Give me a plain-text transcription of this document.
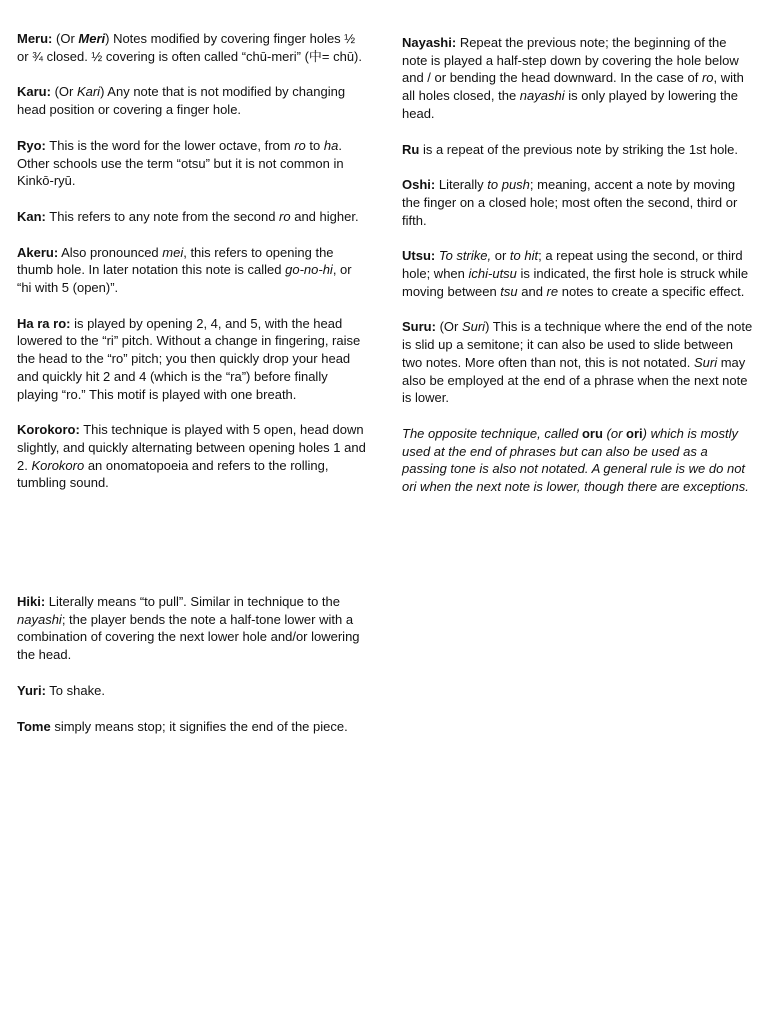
Meru: (Or Meri) Notes modified by covering finger holes ½ or ¾ closed. ½ covering is often called “chū-meri” (中= chū).

Karu: (Or Kari) Any note that is not modified by changing head position or covering a finger hole.

Ryo: This is the word for the lower octave, from ro to ha. Other schools use the term “otsu” but it is not common in Kinkō-ryū.

Kan: This refers to any note from the second ro and higher.

Akeru: Also pronounced mei, this refers to opening the thumb hole. In later notation this note is called go-no-hi, or “hi with 5 (open)”.

Ha ra ro: is played by opening 2, 4, and 5, with the head lowered to the “ri” pitch. Without a change in fingering, raise the head to the “ro” pitch; you then quickly drop your head and quickly hit 2 and 4 (which is the “ra”) before finally playing “ro.” This motif is played with one breath.

Korokoro: This technique is played with 5 open, head down slightly, and quickly alternating between opening holes 1 and 2. Korokoro an onomatopoeia and refers to the rolling, tumbling sound.

Hiki: Literally means “to pull”. Similar in technique to the nayashi; the player bends the note a half-tone lower with a combination of covering the next lower hole and/or lowering the head.

Yuri: To shake.

Tome simply means stop; it signifies the end of the piece.

Nayashi: Repeat the previous note; the beginning of the note is played a half-step down by covering the hole below and / or bending the head downward. In the case of ro, with all holes closed, the nayashi is only played by lowering the head.

Ru is a repeat of the previous note by striking the 1st hole.

Oshi: Literally to push; meaning, accent a note by moving the finger on a closed hole; most often the second, third or fifth.

Utsu: To strike, or to hit; a repeat using the second, or third hole; when ichi-utsu is indicated, the first hole is struck while moving between tsu and re notes to create a specific effect.

Suru: (Or Suri) This is a technique where the end of the note is slid up a semitone; it can also be used to slide between two notes. More often than not, this is not notated. Suri may also be employed at the end of a phrase when the next note is lower.

The opposite technique, called oru (or ori) which is mostly used at the end of phrases but can also be used as a passing tone is also not notated. A general rule is we do not ori when the next note is lower, though there are exceptions.
